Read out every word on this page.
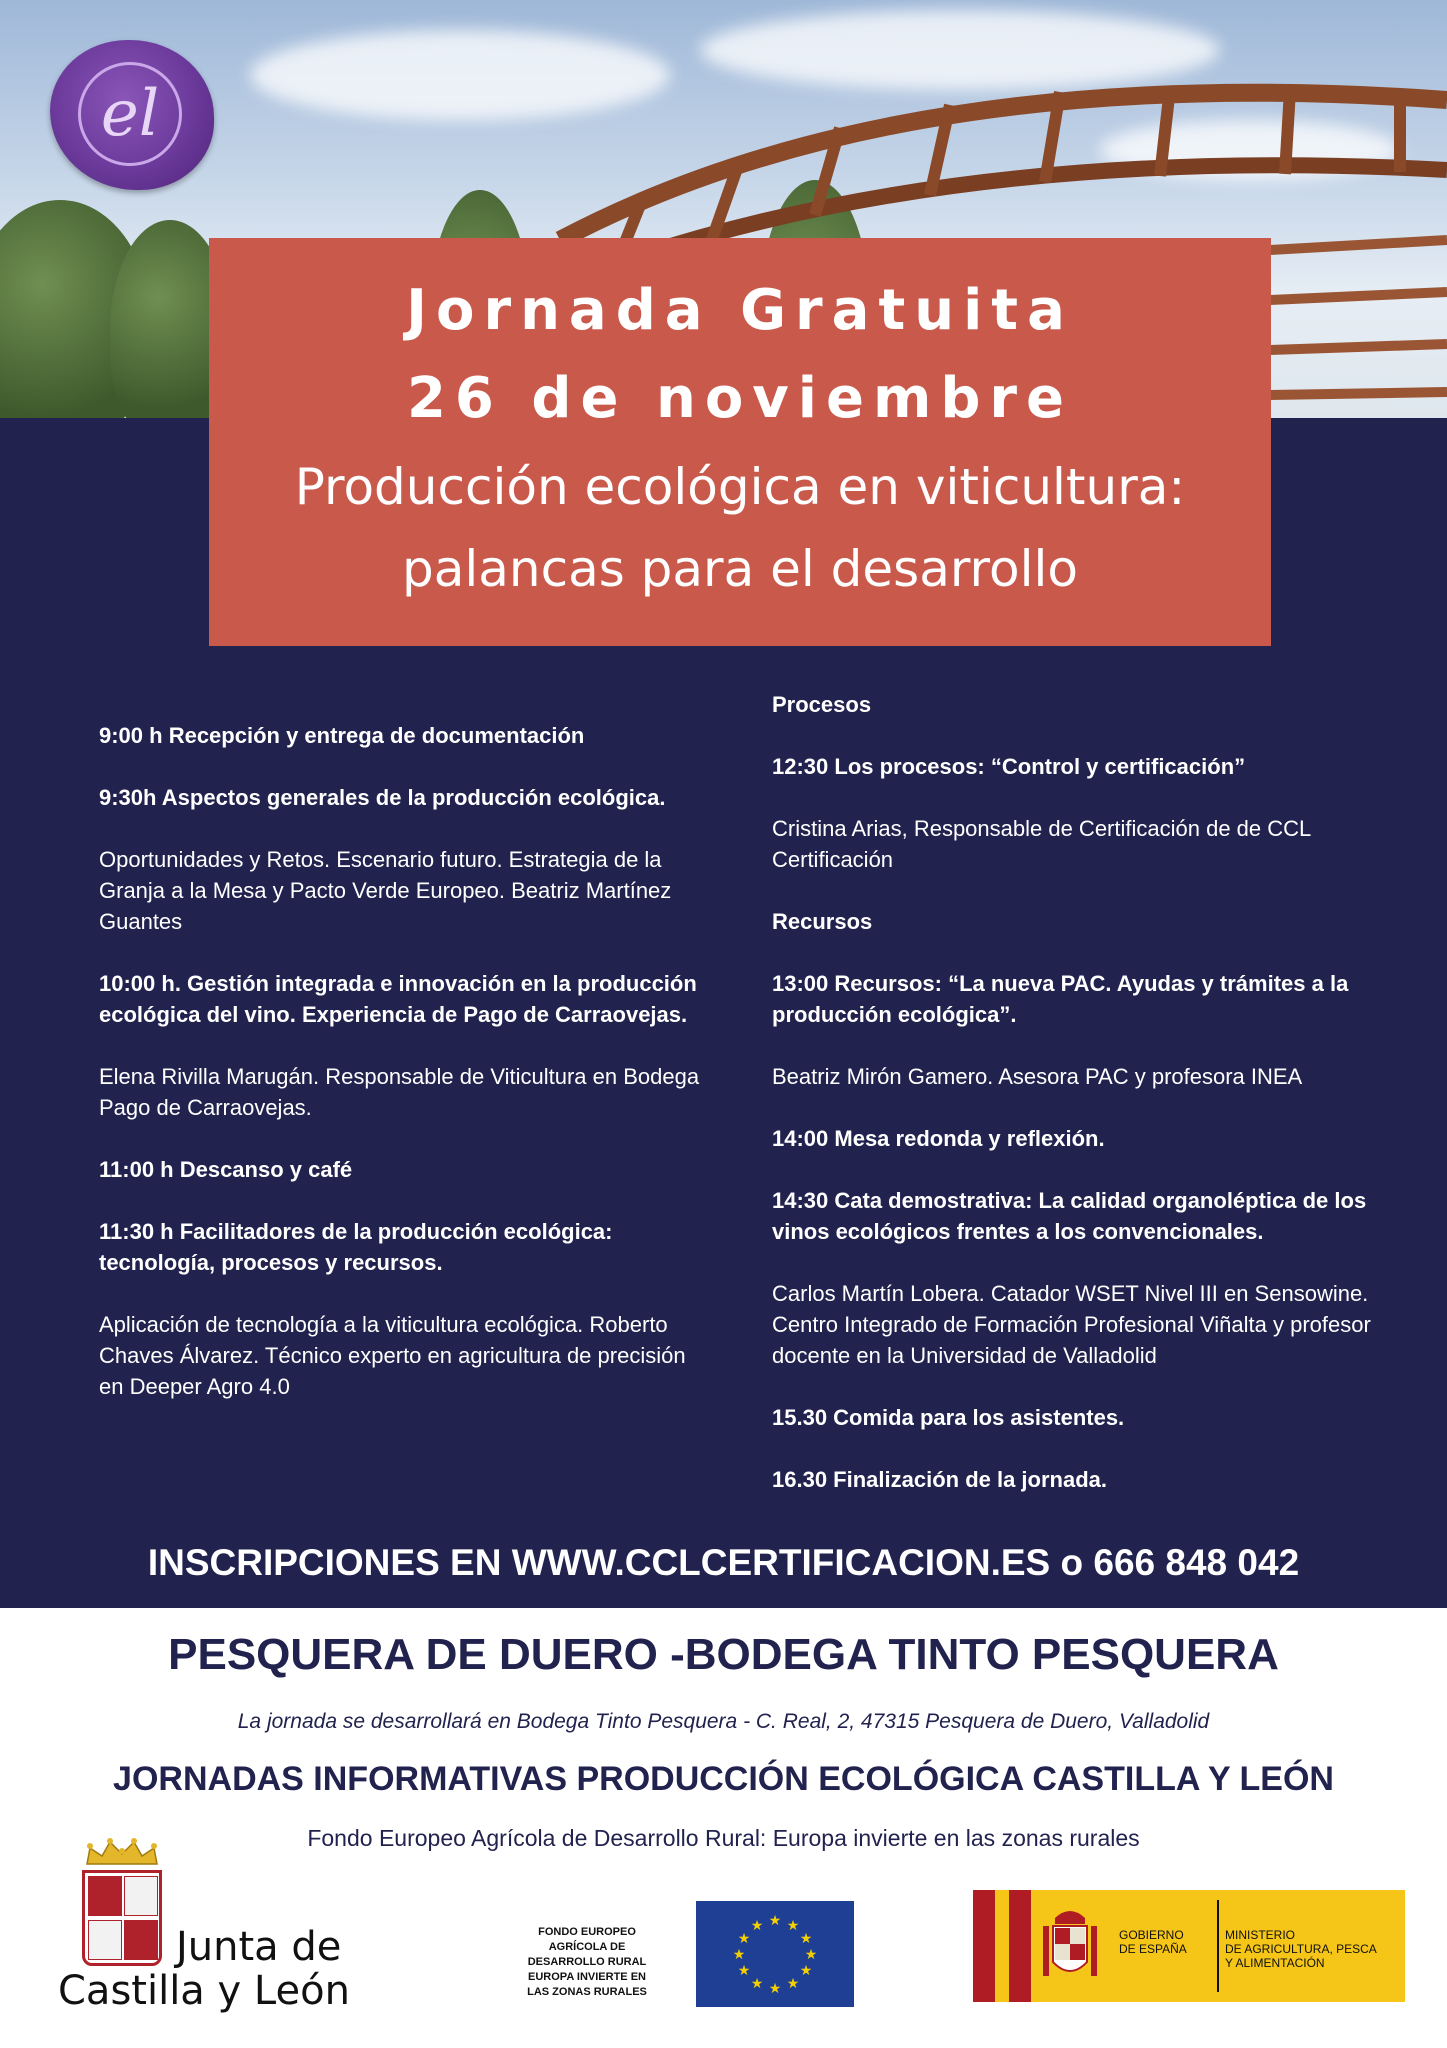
el
Jornada Gratuita
26 de noviembre
Producción ecológica en viticultura:
palancas para el desarrollo

9:00 h Recepción y entrega de documentación

9:30h Aspectos generales de la producción ecológica.

Oportunidades y Retos. Escenario futuro. Estrategia de la Granja a la Mesa y Pacto Verde Europeo. Beatriz Martínez Guantes

10:00 h. Gestión integrada e innovación en la producción ecológica del vino. Experiencia de Pago de Carraovejas.

Elena Rivilla Marugán. Responsable de Viticultura en Bodega Pago de Carraovejas.

11:00 h Descanso y café

11:30 h Facilitadores de la producción ecológica: tecnología, procesos y recursos.

Aplicación de tecnología a la viticultura ecológica. Roberto Chaves Álvarez. Técnico experto en agricultura de precisión en Deeper Agro 4.0

Procesos

12:30 Los procesos: “Control y certificación”

Cristina Arias, Responsable de Certificación de de CCL Certificación

Recursos

13:00 Recursos: “La nueva PAC. Ayudas y trámites a la producción ecológica”.

Beatriz Mirón Gamero. Asesora PAC y profesora INEA

14:00 Mesa redonda y reflexión.

14:30 Cata demostrativa: La calidad organoléptica de los vinos ecológicos frentes a los convencionales.

Carlos Martín Lobera. Catador WSET Nivel III en Sensowine. Centro Integrado de Formación Profesional Viñalta y profesor docente en la Universidad de Valladolid

15.30 Comida para los asistentes.

16.30 Finalización de la jornada.

INSCRIPCIONES EN WWW.CCLCERTIFICACION.ES o 666 848 042
PESQUERA DE DUERO -BODEGA TINTO PESQUERA
La jornada se desarrollará en Bodega Tinto Pesquera - C. Real, 2, 47315 Pesquera de Duero, Valladolid
JORNADAS INFORMATIVAS PRODUCCIÓN ECOLÓGICA CASTILLA Y LEÓN
Fondo Europeo Agrícola de Desarrollo Rural: Europa invierte en las zonas rurales
Junta de
Castilla y León
FONDO EUROPEO
AGRÍCOLA DE
DESARROLLO RURAL
EUROPA INVIERTE EN
LAS ZONAS RURALES
★ ★
★
★
★
★
★
★
★
★
★
★
GOBIERNO
DE ESPAÑA
MINISTERIO
DE AGRICULTURA, PESCA
Y ALIMENTACIÓN
